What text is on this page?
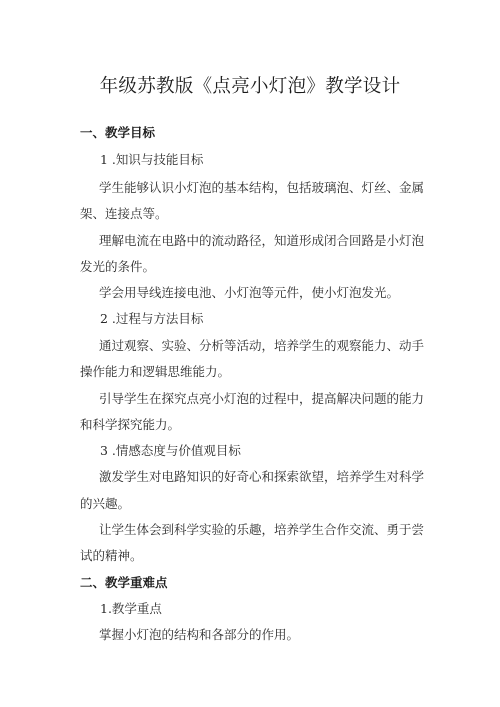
年级苏教版《点亮小灯泡》教学设计
一、教学目标
1 .知识与技能目标
学生能够认识小灯泡的基本结构，包括玻璃泡、灯丝、金属
架、连接点等。
理解电流在电路中的流动路径，知道形成闭合回路是小灯泡
发光的条件。
学会用导线连接电池、小灯泡等元件，使小灯泡发光。
2 .过程与方法目标
通过观察、实验、分析等活动，培养学生的观察能力、动手
操作能力和逻辑思维能力。
引导学生在探究点亮小灯泡的过程中，提高解决问题的能力
和科学探究能力。
3 .情感态度与价值观目标
激发学生对电路知识的好奇心和探索欲望，培养学生对科学
的兴趣。
让学生体会到科学实验的乐趣，培养学生合作交流、勇于尝
试的精神。
二、教学重难点
1.教学重点
掌握小灯泡的结构和各部分的作用。
